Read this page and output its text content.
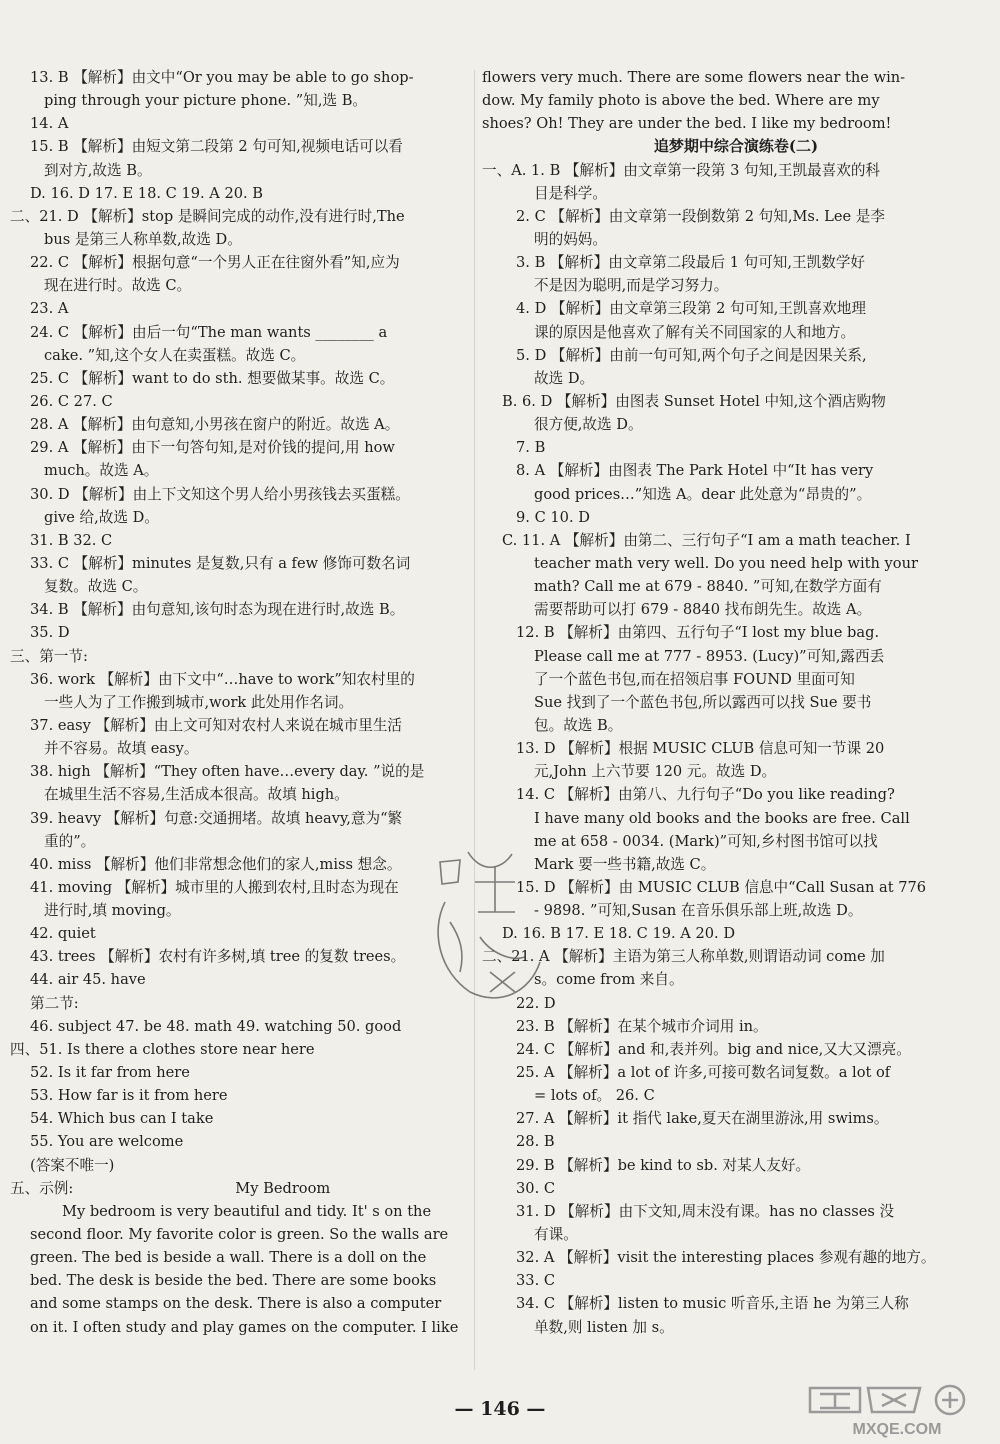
13. B 【解析】由文中“Or you may be able to go shop-
ping through your picture phone. ”知,选 B。
14. A
15. B 【解析】由短文第二段第 2 句可知,视频电话可以看
到对方,故选 B。
D. 16. D 17. E 18. C 19. A 20. B
二、21. D 【解析】stop 是瞬间完成的动作,没有进行时,The
bus 是第三人称单数,故选 D。
22. C 【解析】根据句意“一个男人正在往窗外看”知,应为
现在进行时。故选 C。
23. A
24. C 【解析】由后一句“The man wants ________ a
cake. ”知,这个女人在卖蛋糕。故选 C。
25. C 【解析】want to do sth. 想要做某事。故选 C。
26. C 27. C
28. A 【解析】由句意知,小男孩在窗户的附近。故选 A。
29. A 【解析】由下一句答句知,是对价钱的提问,用 how
much。故选 A。
30. D 【解析】由上下文知这个男人给小男孩钱去买蛋糕。
give 给,故选 D。
31. B 32. C
33. C 【解析】minutes 是复数,只有 a few 修饰可数名词
复数。故选 C。
34. B 【解析】由句意知,该句时态为现在进行时,故选 B。
35. D
三、第一节:
36. work 【解析】由下文中“…have to work”知农村里的
一些人为了工作搬到城市,work 此处用作名词。
37. easy 【解析】由上文可知对农村人来说在城市里生活
并不容易。故填 easy。
38. high 【解析】“They often have…every day. ”说的是
在城里生活不容易,生活成本很高。故填 high。
39. heavy 【解析】句意:交通拥堵。故填 heavy,意为“繁
重的”。
40. miss 【解析】他们非常想念他们的家人,miss 想念。
41. moving 【解析】城市里的人搬到农村,且时态为现在
进行时,填 moving。
42. quiet
43. trees 【解析】农村有许多树,填 tree 的复数 trees。
44. air 45. have
第二节:
46. subject 47. be 48. math 49. watching 50. good
四、51. Is there a clothes store near here
52. Is it far from here
53. How far is it from here
54. Which bus can I take
55. You are welcome
(答案不唯一)
五、示例:	My Bedroom
My bedroom is very beautiful and tidy. It' s on the
second floor. My favorite color is green. So the walls are
green. The bed is beside a wall. There is a doll on the
bed. The desk is beside the bed. There are some books
and some stamps on the desk. There is also a computer
on it. I often study and play games on the computer. I like
flowers very much. There are some flowers near the win-
dow. My family photo is above the bed. Where are my
shoes? Oh! They are under the bed. I like my bedroom!
追梦期中综合演练卷(二)
一、A. 1. B 【解析】由文章第一段第 3 句知,王凯最喜欢的科
目是科学。
2. C 【解析】由文章第一段倒数第 2 句知,Ms. Lee 是李
明的妈妈。
3. B 【解析】由文章第二段最后 1 句可知,王凯数学好
不是因为聪明,而是学习努力。
4. D 【解析】由文章第三段第 2 句可知,王凯喜欢地理
课的原因是他喜欢了解有关不同国家的人和地方。
5. D 【解析】由前一句可知,两个句子之间是因果关系,
故选 D。
B. 6. D 【解析】由图表 Sunset Hotel 中知,这个酒店购物
很方便,故选 D。
7. B
8. A 【解析】由图表 The Park Hotel 中“It has very
good prices…”知选 A。dear 此处意为“昂贵的”。
9. C 10. D
C. 11. A 【解析】由第二、三行句子“I am a math teacher. I
teacher math very well. Do you need help with your
math? Call me at 679 - 8840. ”可知,在数学方面有
需要帮助可以打 679 - 8840 找布朗先生。故选 A。
12. B 【解析】由第四、五行句子“I lost my blue bag.
Please call me at 777 - 8953. (Lucy)”可知,露西丢
了一个蓝色书包,而在招领启事 FOUND 里面可知
Sue 找到了一个蓝色书包,所以露西可以找 Sue 要书
包。故选 B。
13. D 【解析】根据 MUSIC CLUB 信息可知一节课 20
元,John 上六节要 120 元。故选 D。
14. C 【解析】由第八、九行句子“Do you like reading?
I have many old books and the books are free. Call
me at 658 - 0034. (Mark)”可知,乡村图书馆可以找
Mark 要一些书籍,故选 C。
15. D 【解析】由 MUSIC CLUB 信息中“Call Susan at 776
- 9898. ”可知,Susan 在音乐俱乐部上班,故选 D。
D. 16. B 17. E 18. C 19. A 20. D
二、21. A 【解析】主语为第三人称单数,则谓语动词 come 加
s。come from 来自。
22. D
23. B 【解析】在某个城市介词用 in。
24. C 【解析】and 和,表并列。big and nice,又大又漂亮。
25. A 【解析】a lot of 许多,可接可数名词复数。a lot of
= lots of。 26. C
27. A 【解析】it 指代 lake,夏天在湖里游泳,用 swims。
28. B
29. B 【解析】be kind to sb. 对某人友好。
30. C
31. D 【解析】由下文知,周末没有课。has no classes 没
有课。
32. A 【解析】visit the interesting places 参观有趣的地方。
33. C
34. C 【解析】listen to music 听音乐,主语 he 为第三人称
单数,则 listen 加 s。
MXQE.COM
— 146 —
